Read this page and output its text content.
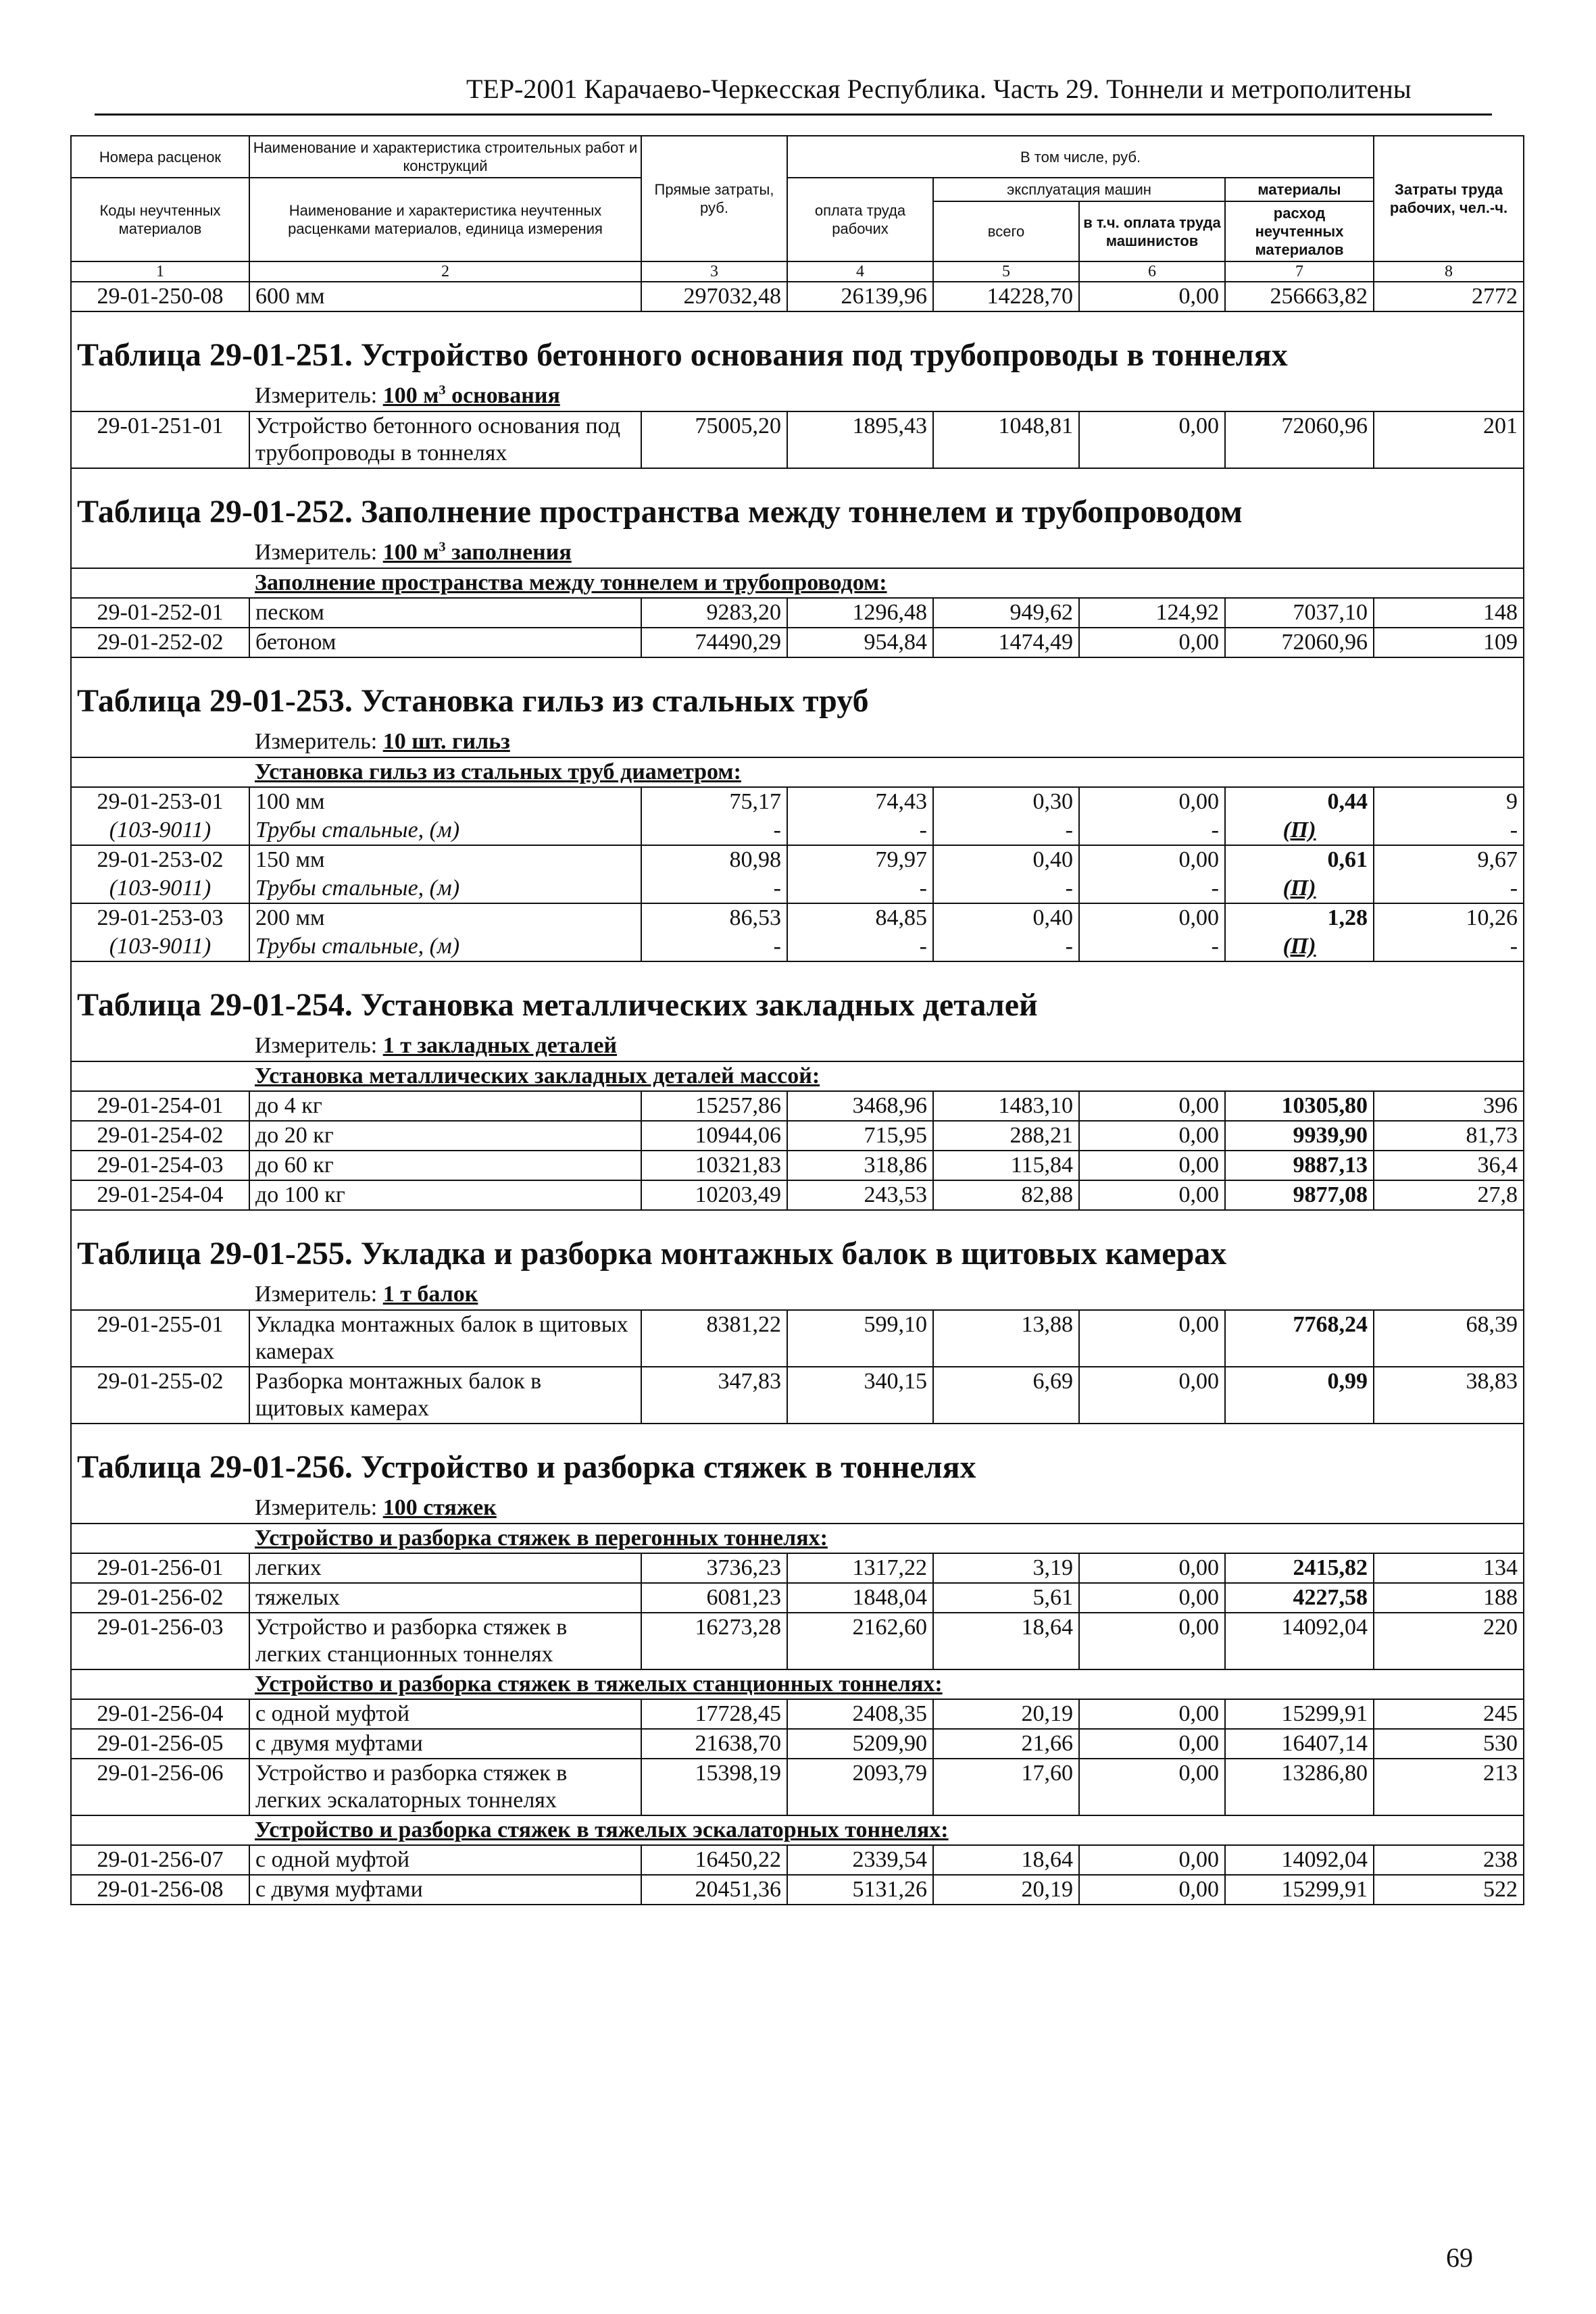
ТЕР-2001 Карачаево-Черкесская Республика. Часть 29. Тоннели и метрополитены
Номера расценок	Наименование и характеристика строительных работ и конструкций	Прямые затраты, руб.	В том числе, руб.				Затраты труда рабочих, чел.-ч.
Коды неучтенных материалов	Наименование и характеристика неучтенных расценками материалов, единица измерения		оплата труда рабочих	эксплуатация машин		материалы	
				всего	в т.ч. оплата труда машинистов	расход неучтенных материалов	
1	2	3	4	5	6	7	8
29-01-250-08	600 мм	297032,48	26139,96	14228,70	0,00	256663,82	2772
Таблица 29-01-251. Устройство бетонного основания под трубопроводы в тоннелях							
	Измеритель: 100 $м^3$ основания						
29-01-251-01	Устройство бетонного основания под трубопроводы в тоннелях	75005,20	1895,43	1048,81	0,00	72060,96	201
Таблица 29-01-252. Заполнение пространства между тоннелем и трубопроводом							
	Измеритель: 100 $м^3$ заполнения						
	Заполнение пространства между тоннелем и трубопроводом:						
29-01-252-01	песком	9283,20	1296,48	949,62	124,92	7037,10	148
29-01-252-02	бетоном	74490,29	954,84	1474,49	0,00	72060,96	109
Таблица 29-01-253. Установка гильз из стальных труб							
	Измеритель: 10 шт. гильз						
	Установка гильз из стальных труб диаметром:						
29-01-253-01	100 мм	75,17	74,43	0,30	0,00	0,44	9
(103-9011)	Трубы стальные, (м)	-	-	-	-	(П)	-
29-01-253-02	150 мм	80,98	79,97	0,40	0,00	0,61	9,67
(103-9011)	Трубы стальные, (м)	-	-	-	-	(П)	-
29-01-253-03	200 мм	86,53	84,85	0,40	0,00	1,28	10,26
(103-9011)	Трубы стальные, (м)	-	-	-	-	(П)	-
Таблица 29-01-254. Установка металлических закладных деталей							
	Измеритель: 1 т закладных деталей						
	Установка металлических закладных деталей массой:						
29-01-254-01	до 4 кг	15257,86	3468,96	1483,10	0,00	10305,80	396
29-01-254-02	до 20 кг	10944,06	715,95	288,21	0,00	9939,90	81,73
29-01-254-03	до 60 кг	10321,83	318,86	115,84	0,00	9887,13	36,4
29-01-254-04	до 100 кг	10203,49	243,53	82,88	0,00	9877,08	27,8
Таблица 29-01-255. Укладка и разборка монтажных балок в щитовых камерах							
	Измеритель: 1 т балок						
29-01-255-01	Укладка монтажных балок в щитовых камерах	8381,22	599,10	13,88	0,00	7768,24	68,39
29-01-255-02	Разборка монтажных балок в щитовых камерах	347,83	340,15	6,69	0,00	0,99	38,83
Таблица 29-01-256. Устройство и разборка стяжек в тоннелях							
	Измеритель: 100 стяжек						
	Устройство и разборка стяжек в перегонных тоннелях:						
29-01-256-01	легких	3736,23	1317,22	3,19	0,00	2415,82	134
29-01-256-02	тяжелых	6081,23	1848,04	5,61	0,00	4227,58	188
29-01-256-03	Устройство и разборка стяжек в легких станционных тоннелях	16273,28	2162,60	18,64	0,00	14092,04	220
	Устройство и разборка стяжек в тяжелых станционных тоннелях:						
29-01-256-04	с одной муфтой	17728,45	2408,35	20,19	0,00	15299,91	245
29-01-256-05	с двумя муфтами	21638,70	5209,90	21,66	0,00	16407,14	530
29-01-256-06	Устройство и разборка стяжек в легких эскалаторных тоннелях	15398,19	2093,79	17,60	0,00	13286,80	213
	Устройство и разборка стяжек в тяжелых эскалаторных тоннелях:						
29-01-256-07	с одной муфтой	16450,22	2339,54	18,64	0,00	14092,04	238
29-01-256-08	с двумя муфтами	20451,36	5131,26	20,19	0,00	15299,91	522
69
